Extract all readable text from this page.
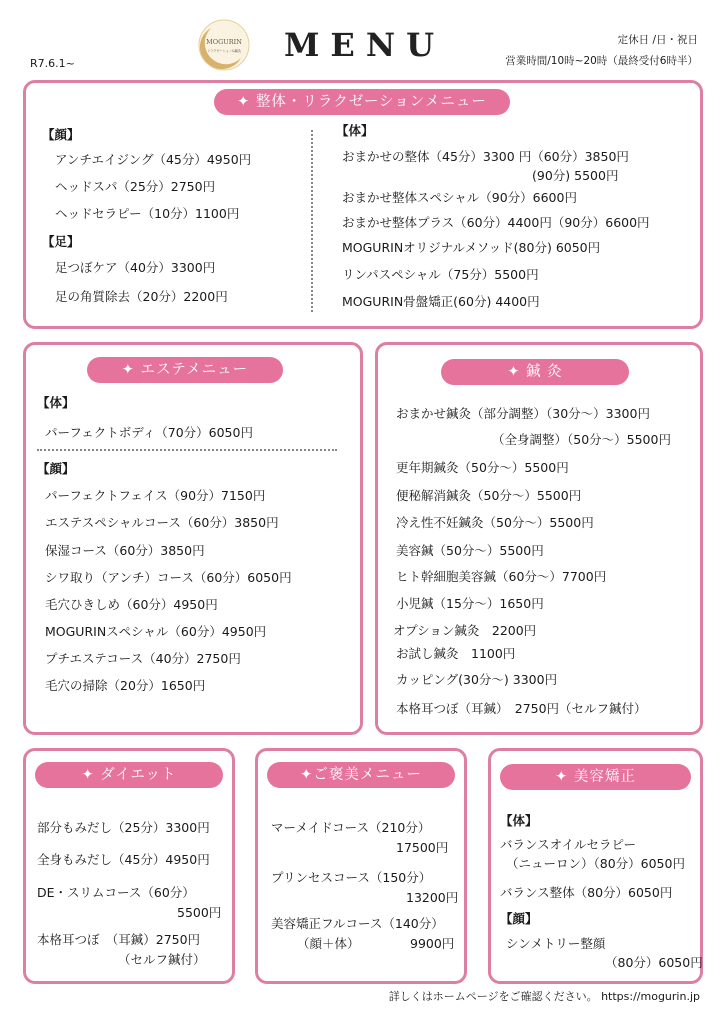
R7.6.1~
MOGURIN
リラクゼーション&鍼灸	MENU	定休日 /日・祝日
営業時間/10時~20時（最終受付6時半）
✦ 整体・リラクゼーションメニュー
【顔】
アンチエイジング（45分）4950円
ヘッドスパ（25分）2750円
ヘッドセラピー（10分）1100円
【足】
足つぼケア（40分）3300円
足の角質除去（20分）2200円
【体】
おまかせの整体（45分）3300 円（60分）3850円
(90分) 5500円
おまかせ整体スペシャル（90分）6600円
おまかせ整体プラス（60分）4400円（90分）6600円
MOGURINオリジナルメソッド(80分) 6050円
リンパスペシャル（75分）5500円
MOGURIN骨盤矯正(60分) 4400円
✦ エステメニュー
【体】
パーフェクトボディ（70分）6050円
【顔】
パーフェクトフェイス（90分）7150円
エステスペシャルコース（60分）3850円
保湿コース（60分）3850円
シワ取り（アンチ）コース（60分）6050円
毛穴ひきしめ（60分）4950円
MOGURINスペシャル（60分）4950円
プチエステコース（40分）2750円
毛穴の掃除（20分）1650円
✦ 鍼 灸
おまかせ鍼灸（部分調整）（30分～）3300円
（全身調整）（50分～）5500円
更年期鍼灸（50分～）5500円
便秘解消鍼灸（50分～）5500円
冷え性不妊鍼灸（50分～）5500円
美容鍼（50分～）5500円
ヒト幹細胞美容鍼（60分～）7700円
小児鍼（15分～）1650円
オプション鍼灸　2200円
お試し鍼灸　1100円
カッピング(30分～) 3300円
本格耳つぼ（耳鍼）　2750円（セルフ鍼付）
✦ ダイエット
部分もみだし（25分）3300円
全身もみだし（45分）4950円
DE・スリムコース（60分）
5500円
本格耳つぼ　（耳鍼）2750円
（セルフ鍼付）
✦ご褒美メニュー
マーメイドコース（210分）
17500円
プリンセスコース（150分）
13200円
美容矯正フルコース（140分）
（顔＋体）	9900円
✦ 美容矯正
【体】
バランスオイルセラピー
（ニューロン）（80分）6050円
バランス整体（80分）6050円
【顔】
シンメトリー整顔
（80分）6050円
詳しくはホームページをご確認ください。 https://mogurin.jp
